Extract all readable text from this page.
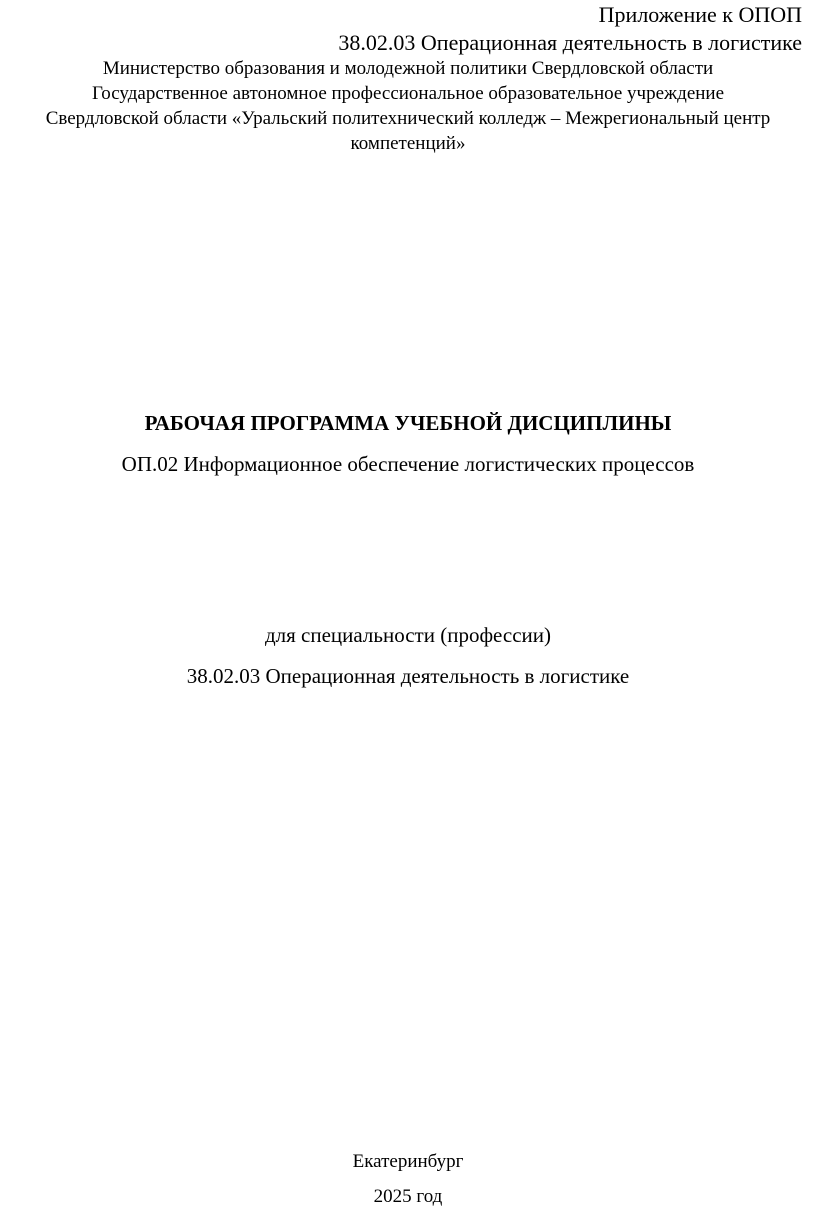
Приложение к ОПОП

38.02.03 Операционная деятельность в логистике

Министерство образования и молодежной политики Свердловской области

Государственное автономное профессиональное образовательное учреждение

Свердловской области «Уральский политехнический колледж – Межрегиональный центр

компетенций»

РАБОЧАЯ ПРОГРАММА УЧЕБНОЙ ДИСЦИПЛИНЫ

ОП.02 Информационное обеспечение логистических процессов

для специальности (профессии)

38.02.03 Операционная деятельность в логистике

Екатеринбург

2025 год
